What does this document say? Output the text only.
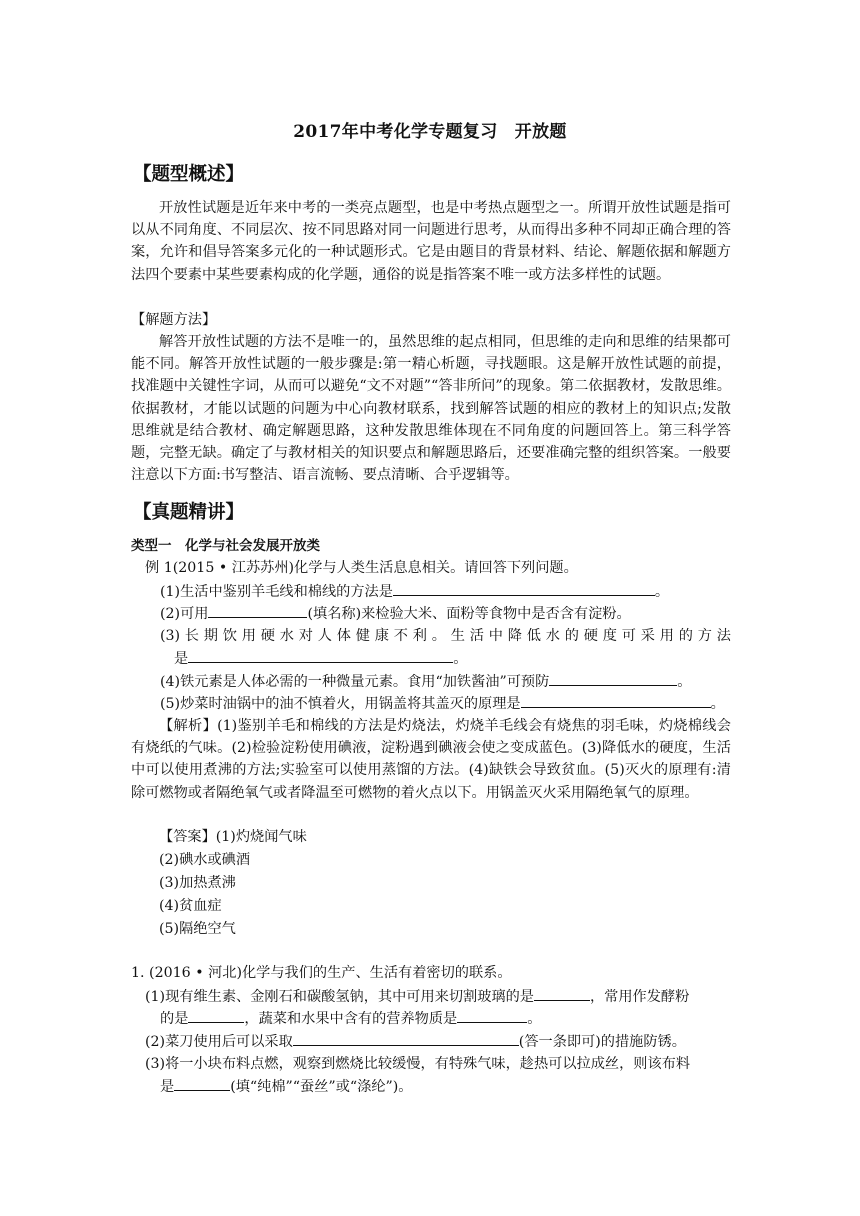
2017年中考化学专题复习　开放题
【题型概述】
开放性试题是近年来中考的一类亮点题型，也是中考热点题型之一。所谓开放性试题是指可以从不同角度、不同层次、按不同思路对同一问题进行思考，从而得出多种不同却正确合理的答案，允许和倡导答案多元化的一种试题形式。它是由题目的背景材料、结论、解题依据和解题方法四个要素中某些要素构成的化学题，通俗的说是指答案不唯一或方法多样性的试题。
【解题方法】
解答开放性试题的方法不是唯一的，虽然思维的起点相同，但思维的走向和思维的结果都可能不同。解答开放性试题的一般步骤是:第一精心析题，寻找题眼。这是解开放性试题的前提，找准题中关键性字词，从而可以避免“文不对题”“答非所问”的现象。第二依据教材，发散思维。依据教材，才能以试题的问题为中心向教材联系，找到解答试题的相应的教材上的知识点;发散思维就是结合教材、确定解题思路，这种发散思维体现在不同角度的问题回答上。第三科学答题，完整无缺。确定了与教材相关的知识要点和解题思路后，还要准确完整的组织答案。一般要注意以下方面:书写整洁、语言流畅、要点清晰、合乎逻辑等。
【真题精讲】
类型一　化学与社会发展开放类
例 1(2015 • 江苏苏州)化学与人类生活息息相关。请回答下列问题。
(1)生活中鉴别羊毛线和棉线的方法是	。
(2)可用	(填名称)来检验大米、面粉等食物中是否含有淀粉。
(3) 长 期 饮 用 硬 水 对 人 体 健 康 不 利 。 生 活 中 降 低 水 的 硬 度 可 采 用 的 方 法
是	。
(4)铁元素是人体必需的一种微量元素。食用“加铁酱油”可预防	。
(5)炒菜时油锅中的油不慎着火，用锅盖将其盖灭的原理是	。
【解析】(1)鉴别羊毛和棉线的方法是灼烧法，灼烧羊毛线会有烧焦的羽毛味，灼烧棉线会有烧纸的气味。(2)检验淀粉使用碘液，淀粉遇到碘液会使之变成蓝色。(3)降低水的硬度，生活中可以使用煮沸的方法;实验室可以使用蒸馏的方法。(4)缺铁会导致贫血。(5)灭火的原理有:清除可燃物或者隔绝氧气或者降温至可燃物的着火点以下。用锅盖灭火采用隔绝氧气的原理。
【答案】(1)灼烧闻气味
(2)碘水或碘酒
(3)加热煮沸
(4)贫血症
(5)隔绝空气
1. (2016 • 河北)化学与我们的生产、生活有着密切的联系。
(1)现有维生素、金刚石和碳酸氢钠，其中可用来切割玻璃的是	，常用作发酵粉
的是	，蔬菜和水果中含有的营养物质是	。
(2)菜刀使用后可以采取	(答一条即可)的措施防锈。
(3)将一小块布料点燃，观察到燃烧比较缓慢，有特殊气味，趁热可以拉成丝，则该布料
是	(填“纯棉”“蚕丝”或“涤纶”)。
